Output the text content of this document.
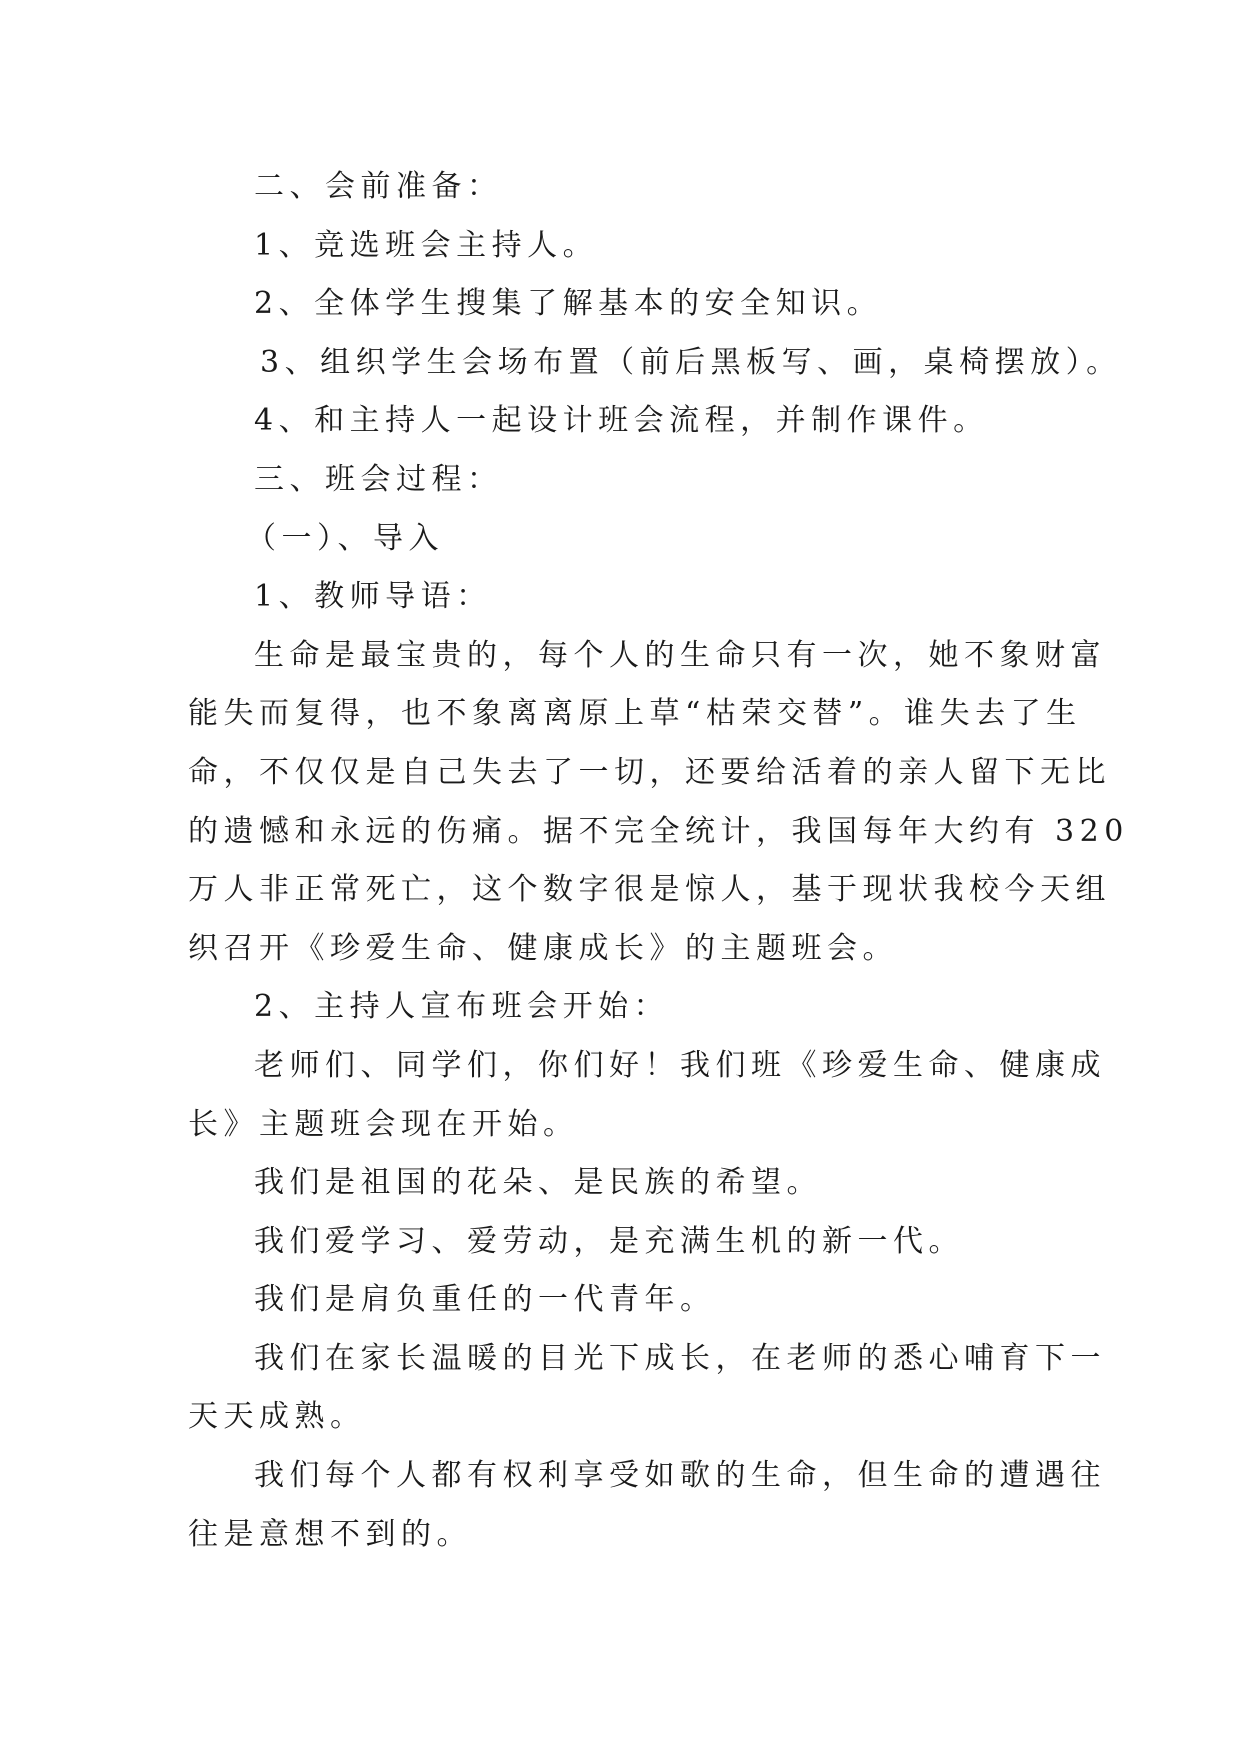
二、会前准备：
1、竞选班会主持人。
2、全体学生搜集了解基本的安全知识。
3、组织学生会场布置（前后黑板写、画，桌椅摆放）。
4、和主持人一起设计班会流程，并制作课件。
三、班会过程：
（一）、导入
1、教师导语：
生命是最宝贵的，每个人的生命只有一次，她不象财富
能失而复得，也不象离离原上草“枯荣交替”。谁失去了生
命，不仅仅是自己失去了一切，还要给活着的亲人留下无比
的遗憾和永远的伤痛。据不完全统计，我国每年大约有 320
万人非正常死亡，这个数字很是惊人，基于现状我校今天组
织召开《珍爱生命、健康成长》的主题班会。
2、主持人宣布班会开始：
老师们、同学们，你们好！我们班《珍爱生命、健康成
长》主题班会现在开始。
我们是祖国的花朵、是民族的希望。
我们爱学习、爱劳动，是充满生机的新一代。
我们是肩负重任的一代青年。
我们在家长温暖的目光下成长，在老师的悉心哺育下一
天天成熟。
我们每个人都有权利享受如歌的生命，但生命的遭遇往
往是意想不到的。
